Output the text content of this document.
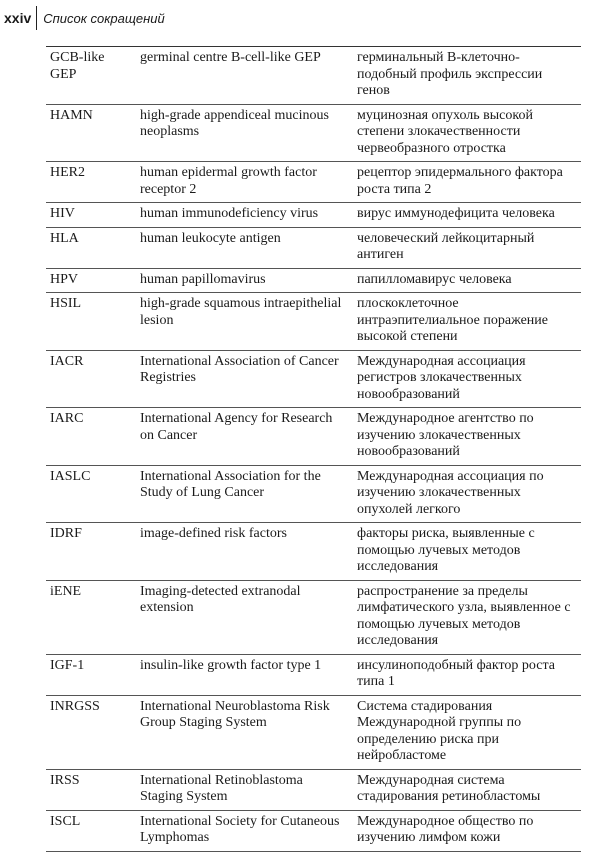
xxiv Список сокращений
GCB-like GEP	germinal centre B-cell-like GEP	герминальный B-клеточно-подобный профиль экспрессии генов
HAMN	high-grade appendiceal mucinous neoplasms	муцинозная опухоль высокой степени злокачественности червеобразного отростка
HER2	human epidermal growth factor receptor 2	рецептор эпидермального фактора роста типа 2
HIV	human immunodeficiency virus	вирус иммунодефицита человека
HLA	human leukocyte antigen	человеческий лейкоцитарный антиген
HPV	human papillomavirus	папилломавирус человека
HSIL	high-grade squamous intraepithelial lesion	плоскоклеточное интраэпителиальное поражение высокой степени
IACR	International Association of Cancer Registries	Международная ассоциация регистров злокачественных новообразований
IARC	International Agency for Research on Cancer	Международное агентство по изучению злокачественных новообразований
IASLC	International Association for the Study of Lung Cancer	Международная ассоциация по изучению злокачественных опухолей легкого
IDRF	image-defined risk factors	факторы риска, выявленные с помощью лучевых методов исследования
iENE	Imaging-detected extranodal extension	распространение за пределы лимфатического узла, выявленное с помощью лучевых методов исследования
IGF-1	insulin-like growth factor type 1	инсулиноподобный фактор роста типа 1
INRGSS	International Neuroblastoma Risk Group Staging System	Система стадирования Международной группы по определению риска при нейробластоме
IRSS	International Retinoblastoma Staging System	Международная система стадирования ретинобластомы
ISCL	International Society for Cutaneous Lymphomas	Международное общество по изучению лимфом кожи
